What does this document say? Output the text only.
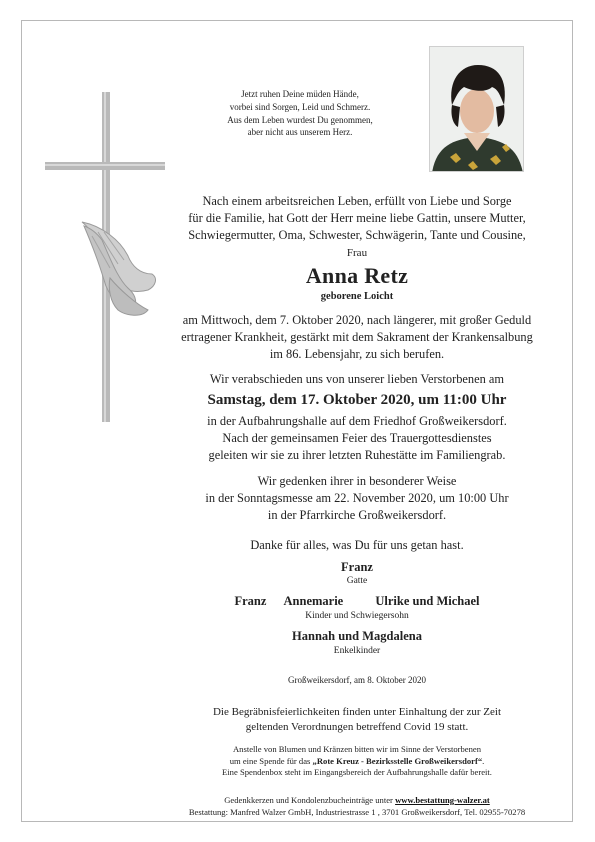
Jetzt ruhen Deine müden Hände,
vorbei sind Sorgen, Leid und Schmerz.
Aus dem Leben wurdest Du genommen,
aber nicht aus unserem Herz.
Nach einem arbeitsreichen Leben, erfüllt von Liebe und Sorge
für die Familie, hat Gott der Herr meine liebe Gattin, unsere Mutter,
Schwiegermutter, Oma, Schwester, Schwägerin, Tante und Cousine,
Frau
Anna Retz
geborene Loicht
am Mittwoch, dem 7. Oktober 2020, nach längerer, mit großer Geduld
ertragener Krankheit, gestärkt mit dem Sakrament der Krankensalbung
im 86. Lebensjahr, zu sich berufen.
Wir verabschieden uns von unserer lieben Verstorbenen am
Samstag, dem 17. Oktober 2020, um 11:00 Uhr
in der Aufbahrungshalle auf dem Friedhof Großweikersdorf.
Nach der gemeinsamen Feier des Trauergottesdienstes
geleiten wir sie zu ihrer letzten Ruhestätte im Familiengrab.
Wir gedenken ihrer in besonderer Weise
in der Sonntagsmesse am 22. November 2020, um 10:00 Uhr
in der Pfarrkirche Großweikersdorf.
Danke für alles, was Du für uns getan hast.
Franz
Gatte
Franz Annemarie	Ulrike und Michael
Kinder und Schwiegersohn
Hannah und Magdalena
Enkelkinder
Großweikersdorf, am 8. Oktober 2020
Die Begräbnisfeierlichkeiten finden unter Einhaltung der zur Zeit
geltenden Verordnungen betreffend Covid 19 statt.
Anstelle von Blumen und Kränzen bitten wir im Sinne der Verstorbenen
um eine Spende für das „Rote Kreuz - Bezirksstelle Großweikersdorf“.
Eine Spendenbox steht im Eingangsbereich der Aufbahrungshalle dafür bereit.
Gedenkkerzen und Kondolenzbucheinträge unter www.bestattung-walzer.at
Bestattung: Manfred Walzer GmbH, Industriestrasse 1 , 3701 Großweikersdorf, Tel. 02955-70278
